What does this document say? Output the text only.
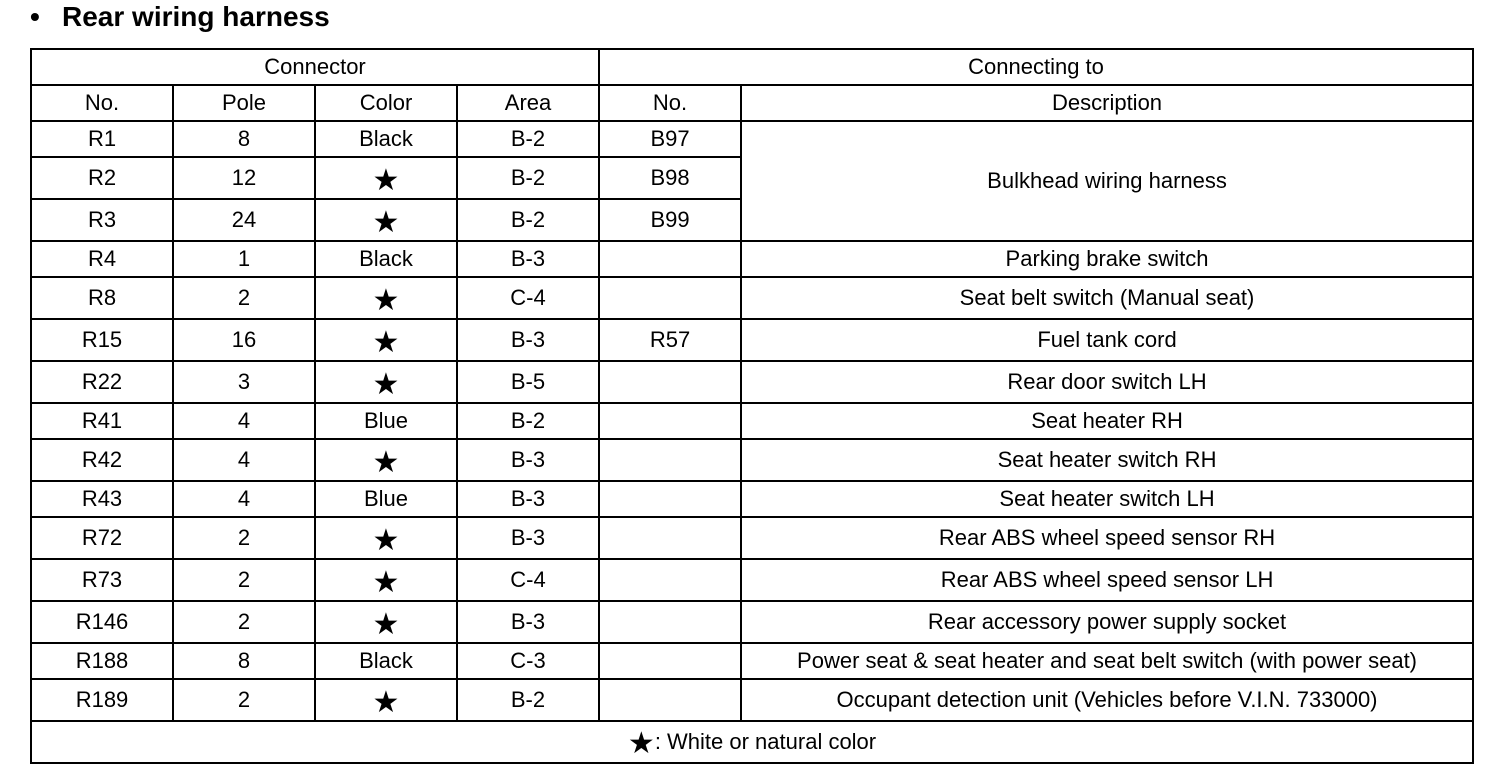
• Rear wiring harness
Connector				Connecting to	
No.	Pole	Color	Area	No.	Description
R1	8	Black	B-2	B97	Bulkhead wiring harness
R2	12	★	B-2	B98	
R3	24	★	B-2	B99	
R4	1	Black	B-3		Parking brake switch
R8	2	★	C-4		Seat belt switch (Manual seat)
R15	16	★	B-3	R57	Fuel tank cord
R22	3	★	B-5		Rear door switch LH
R41	4	Blue	B-2		Seat heater RH
R42	4	★	B-3		Seat heater switch RH
R43	4	Blue	B-3		Seat heater switch LH
R72	2	★	B-3		Rear ABS wheel speed sensor RH
R73	2	★	C-4		Rear ABS wheel speed sensor LH
R146	2	★	B-3		Rear accessory power supply socket
R188	8	Black	C-3		Power seat & seat heater and seat belt switch (with power seat)
R189	2	★	B-2		Occupant detection unit (Vehicles before V.I.N. 733000)
★: White or natural color					
